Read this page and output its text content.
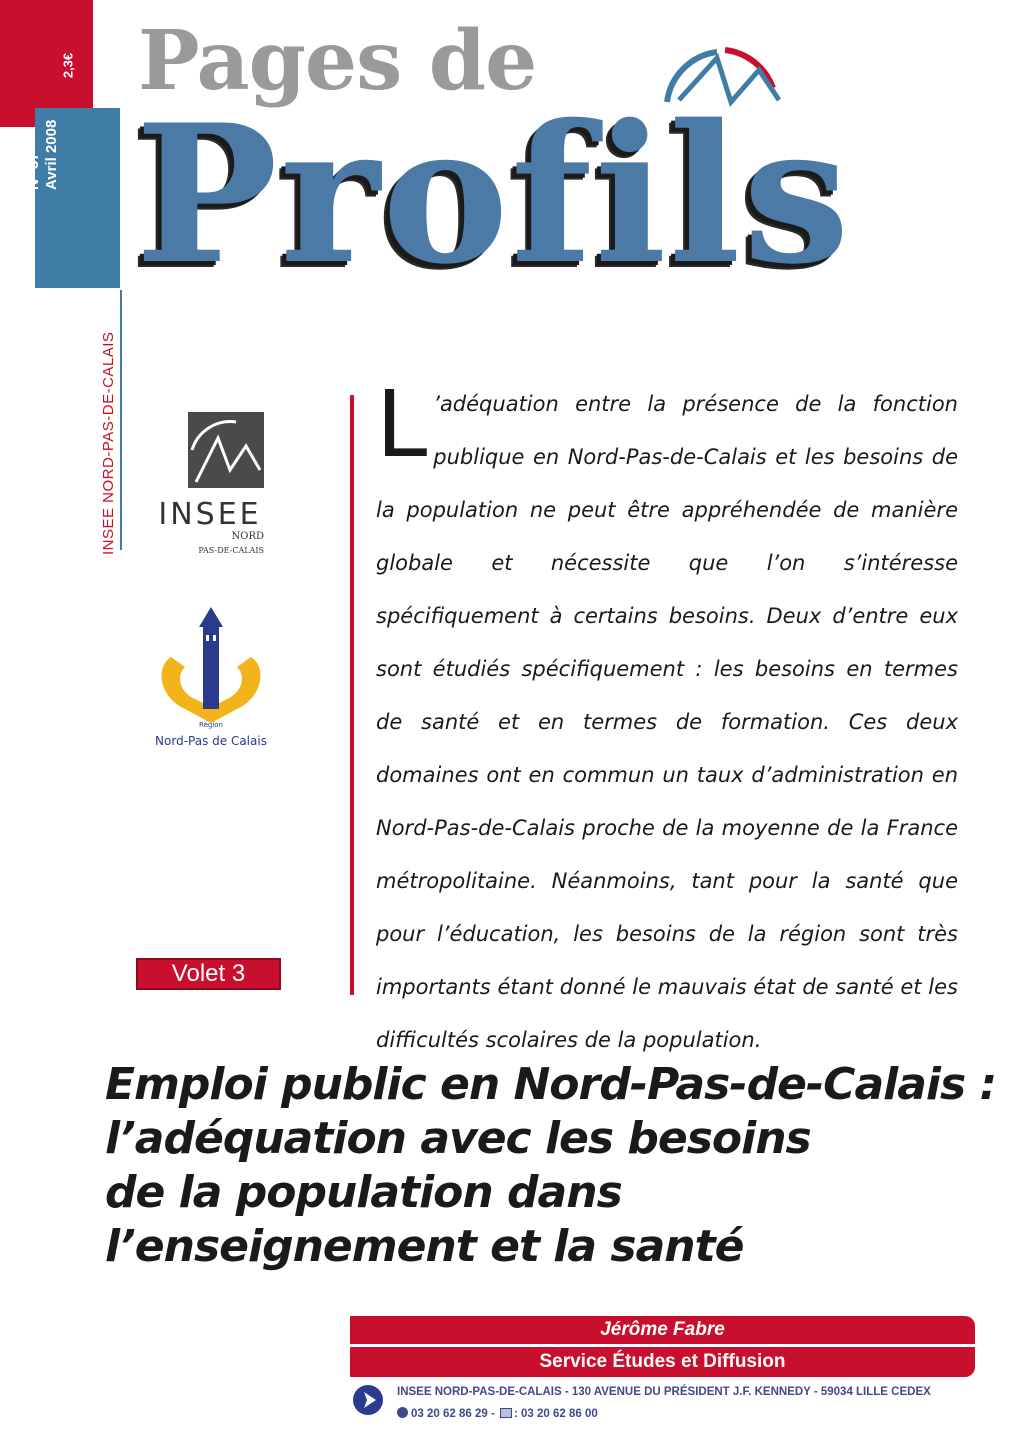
2,3€
N° 37 Avril 2008
INSEE NORD-PAS-DE-CALAIS
Pages de
Profils
INSEE
NORD
PAS-DE-CALAIS
Région
Nord-Pas de Calais
L ’adéquation entre la présence de la fonction publique en Nord-Pas-de-Calais et les besoins de la population ne peut être appréhendée de manière globale et nécessite que l’on s’intéresse spécifiquement à certains besoins. Deux d’entre eux sont étudiés spécifiquement : les besoins en termes de santé et en termes de formation. Ces deux domaines ont en commun un taux d’administration en Nord-Pas-de-Calais proche de la moyenne de la France métropolitaine. Néanmoins, tant pour la santé que pour l’éducation, les besoins de la région sont très importants étant donné le mauvais état de santé et les difficultés scolaires de la population.
Volet 3
Emploi public en Nord-Pas-de-Calais :
l’adéquation avec les besoins
de la population dans
l’enseignement et la santé
Jérôme Fabre
Service Études et Diffusion
INSEE NORD-PAS-DE-CALAIS - 130 AVENUE DU PRÉSIDENT J.F. KENNEDY - 59034 LILLE CEDEX
03 20 62 86 29 - : 03 20 62 86 00
